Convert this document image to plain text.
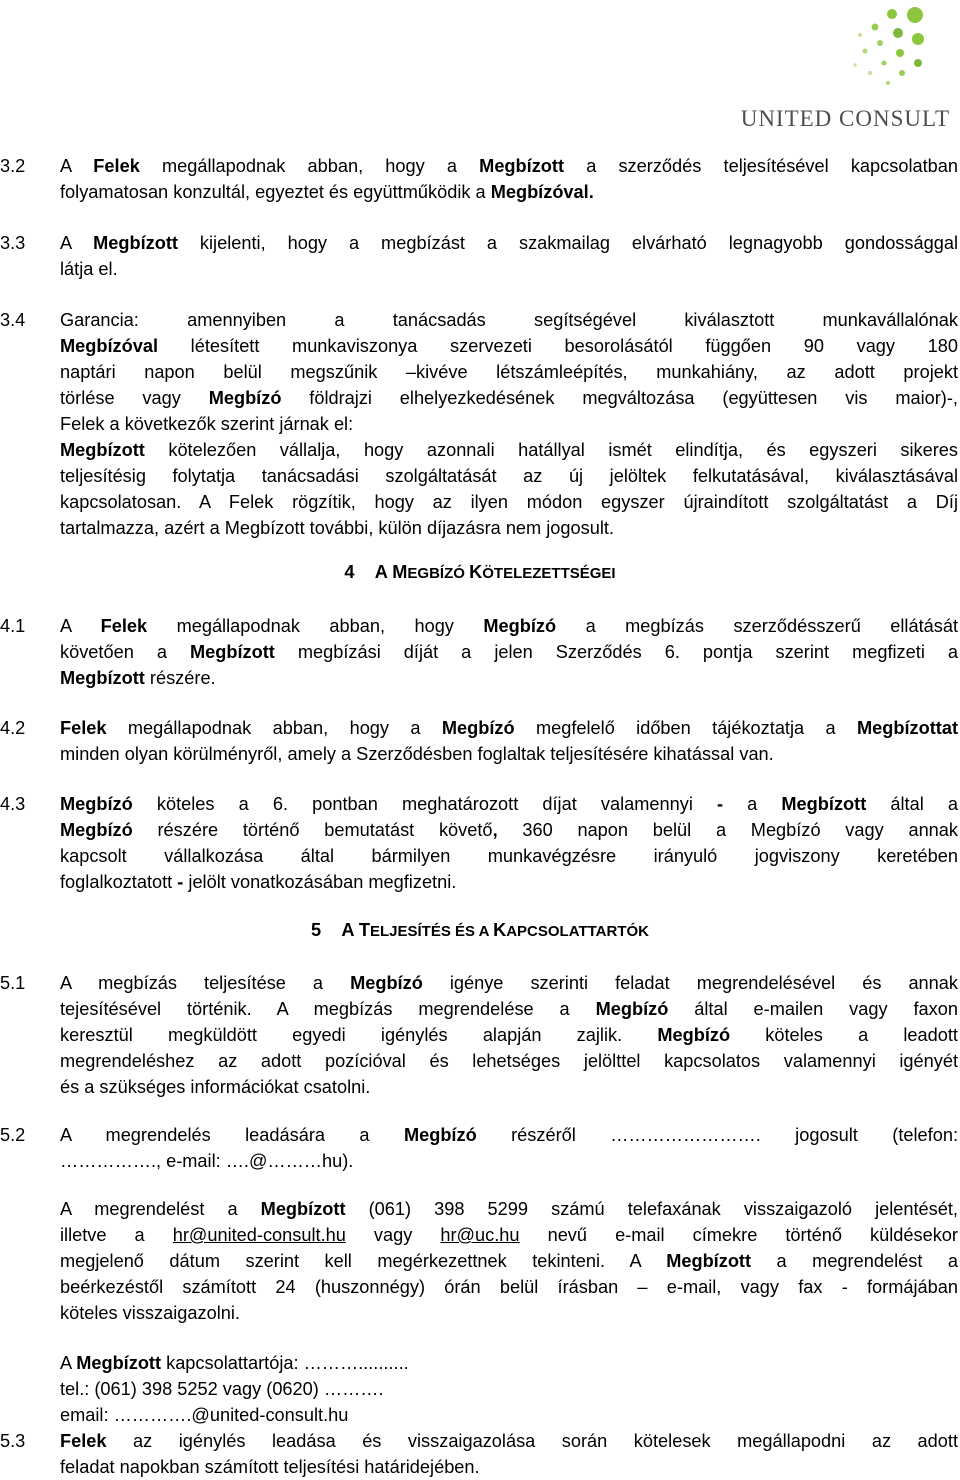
UNITED CONSULT
3.2 A Felek megállapodnak abban, hogy a Megbízott a szerződés teljesítésével kapcsolatban
folyamatosan konzultál, egyeztet és együttműködik a Megbízóval.
3.3 A Megbízott kijelenti, hogy a megbízást a szakmailag elvárható legnagyobb gondossággal
látja el.
3.4 Garancia: amennyiben a tanácsadás segítségével kiválasztott munkavállalónak
Megbízóval létesített munkaviszonya szervezeti besorolásától függően 90 vagy 180
naptári napon belül megszűnik –kivéve létszámleépítés, munkahiány, az adott projekt
törlése vagy Megbízó földrajzi elhelyezkedésének megváltozása (együttesen vis maior)-,
Felek a következők szerint járnak el:
Megbízott kötelezően vállalja, hogy azonnali hatállyal ismét elindítja, és egyszeri sikeres
teljesítésig folytatja tanácsadási szolgáltatását az új jelöltek felkutatásával, kiválasztásával
kapcsolatosan. A Felek rögzítik, hogy az ilyen módon egyszer újraindított szolgáltatást a Díj
tartalmazza, azért a Megbízott további, külön díjazásra nem jogosult.
4 A MEGBÍZÓ KÖTELEZETTSÉGEI
4.1 A Felek megállapodnak abban, hogy Megbízó a megbízás szerződésszerű ellátását
követően a Megbízott megbízási díját a jelen Szerződés 6. pontja szerint megfizeti a
Megbízott részére.
4.2 Felek megállapodnak abban, hogy a Megbízó megfelelő időben tájékoztatja a Megbízottat
minden olyan körülményről, amely a Szerződésben foglaltak teljesítésére kihatással van.
4.3 Megbízó köteles a 6. pontban meghatározott díjat valamennyi - a Megbízott által a
Megbízó részére történő bemutatást követő, 360 napon belül a Megbízó vagy annak
kapcsolt vállalkozása által bármilyen munkavégzésre irányuló jogviszony keretében
foglalkoztatott - jelölt vonatkozásában megfizetni.
5 A TELJESÍTÉS ÉS A KAPCSOLATTARTÓK
5.1 A megbízás teljesítése a Megbízó igénye szerinti feladat megrendelésével és annak
tejesítésével történik. A megbízás megrendelése a Megbízó által e-mailen vagy faxon
keresztül megküldött egyedi igénylés alapján zajlik. Megbízó köteles a leadott
megrendeléshez az adott pozícióval és lehetséges jelölttel kapcsolatos valamennyi igényét
és a szükséges információkat csatolni.
5.2 A megrendelés leadására a Megbízó részéről ……………………. jogosult (telefon:
……………., e-mail: ….@………hu).
A megrendelést a Megbízott (061) 398 5299 számú telefaxának visszaigazoló jelentését,
illetve a hr@united-consult.hu vagy hr@uc.hu nevű e-mail címekre történő küldésekor
megjelenő dátum szerint kell megérkezettnek tekinteni. A Megbízott a megrendelést a
beérkezéstől számított 24 (huszonnégy) órán belül írásban – e-mail, vagy fax - formájában
köteles visszaigazolni.
A Megbízott kapcsolattartója: ………..........
tel.: (061) 398 5252 vagy (0620) ……….
email: ………….@united-consult.hu
5.3 Felek az igénylés leadása és visszaigazolása során kötelesek megállapodni az adott
feladat napokban számított teljesítési határidejében.
